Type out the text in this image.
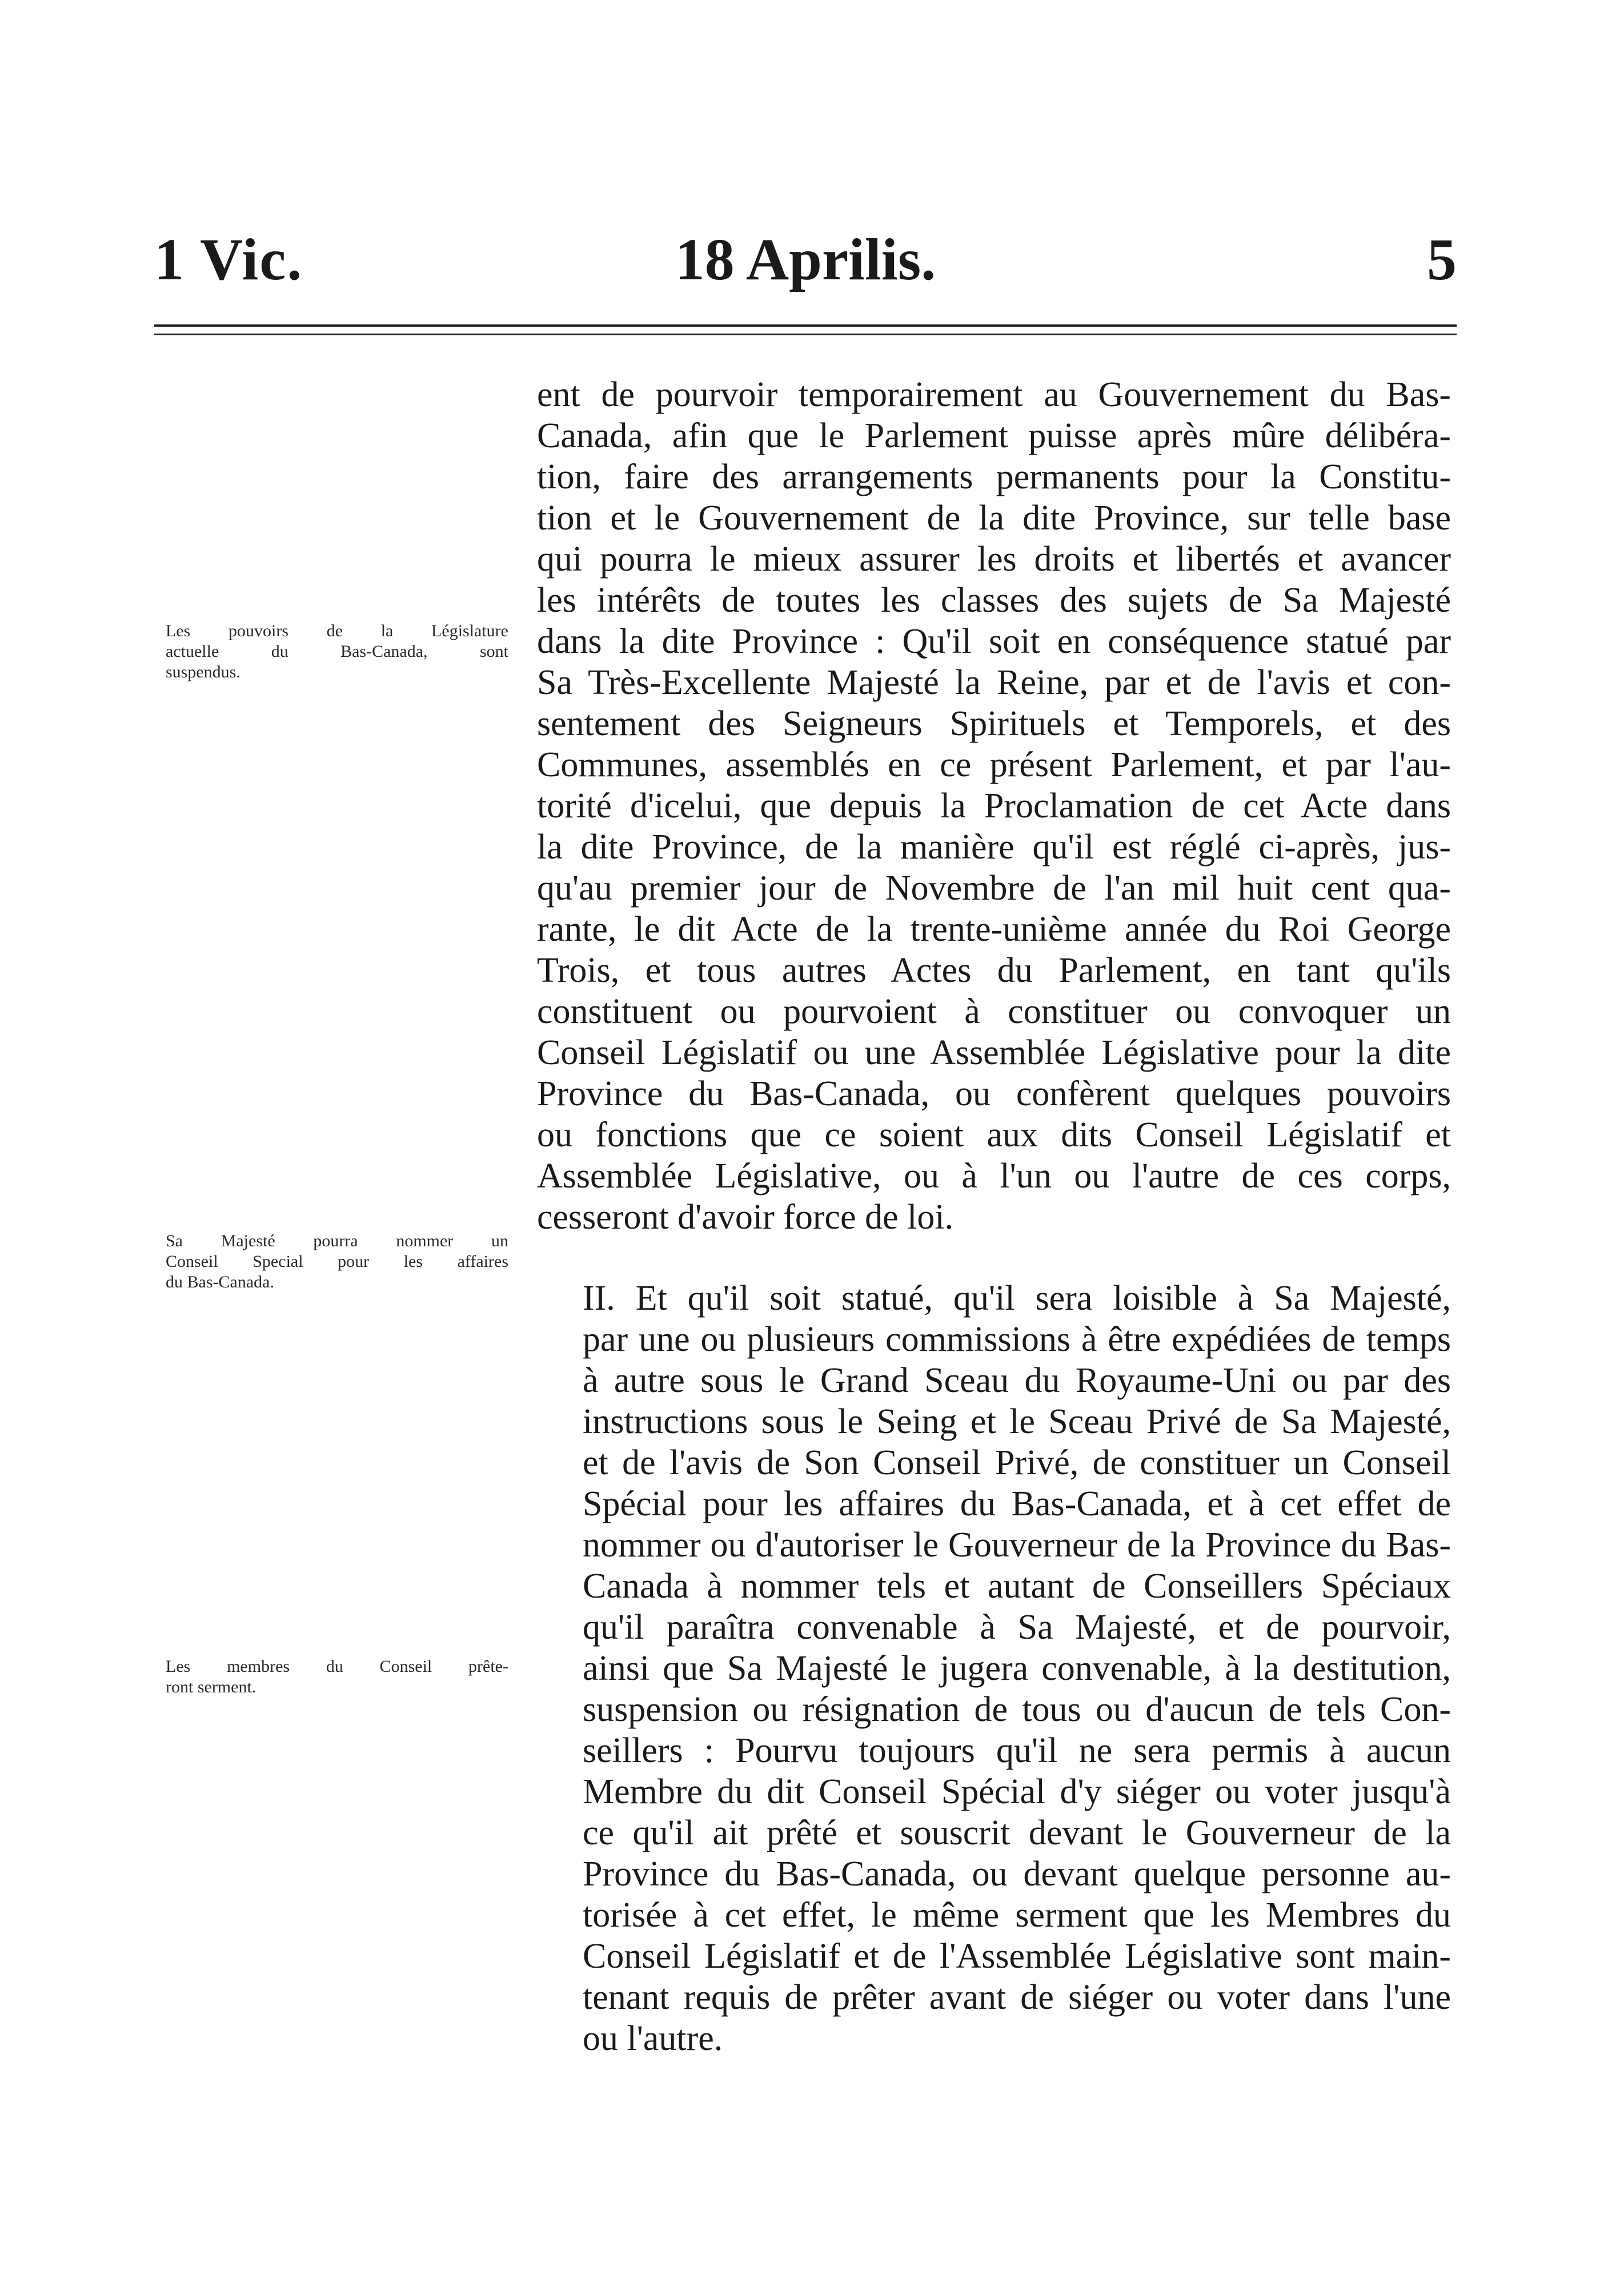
1 Vic.	18 Aprilis.	5
Les pouvoirs de la Législature
actuelle du Bas-Canada, sont
suspendus.
Sa Majesté pourra nommer un
Conseil Special pour les affaires
du Bas-Canada.
Les membres du Conseil prête-
ront serment.

ent de pourvoir temporairement au Gouvernement du Bas-
Canada, afin que le Parlement puisse après mûre délibéra-
tion, faire des arrangements permanents pour la Constitu-
tion et le Gouvernement de la dite Province, sur telle base
qui pourra le mieux assurer les droits et libertés et avancer
les intérêts de toutes les classes des sujets de Sa Majesté
dans la dite Province : Qu'il soit en conséquence statué par
Sa Très-Excellente Majesté la Reine, par et de l'avis et con-
sentement des Seigneurs Spirituels et Temporels, et des
Communes, assemblés en ce présent Parlement, et par l'au-
torité d'icelui, que depuis la Proclamation de cet Acte dans
la dite Province, de la manière qu'il est réglé ci-après, jus-
qu'au premier jour de Novembre de l'an mil huit cent qua-
rante, le dit Acte de la trente-unième année du Roi George
Trois, et tous autres Actes du Parlement, en tant qu'ils
constituent ou pourvoient à constituer ou convoquer un
Conseil Législatif ou une Assemblée Législative pour la dite
Province du Bas-Canada, ou confèrent quelques pouvoirs
ou fonctions que ce soient aux dits Conseil Législatif et
Assemblée Législative, ou à l'un ou l'autre de ces corps,
cesseront d'avoir force de loi.

II. Et qu'il soit statué, qu'il sera loisible à Sa Majesté,
par une ou plusieurs commissions à être expédiées de temps
à autre sous le Grand Sceau du Royaume-Uni ou par des
instructions sous le Seing et le Sceau Privé de Sa Majesté,
et de l'avis de Son Conseil Privé, de constituer un Conseil
Spécial pour les affaires du Bas-Canada, et à cet effet de
nommer ou d'autoriser le Gouverneur de la Province du Bas-
Canada à nommer tels et autant de Conseillers Spéciaux
qu'il paraîtra convenable à Sa Majesté, et de pourvoir,
ainsi que Sa Majesté le jugera convenable, à la destitution,
suspension ou résignation de tous ou d'aucun de tels Con-
seillers : Pourvu toujours qu'il ne sera permis à aucun
Membre du dit Conseil Spécial d'y siéger ou voter jusqu'à
ce qu'il ait prêté et souscrit devant le Gouverneur de la
Province du Bas-Canada, ou devant quelque personne au-
torisée à cet effet, le même serment que les Membres du
Conseil Législatif et de l'Assemblée Législative sont main-
tenant requis de prêter avant de siéger ou voter dans l'une
ou l'autre.
